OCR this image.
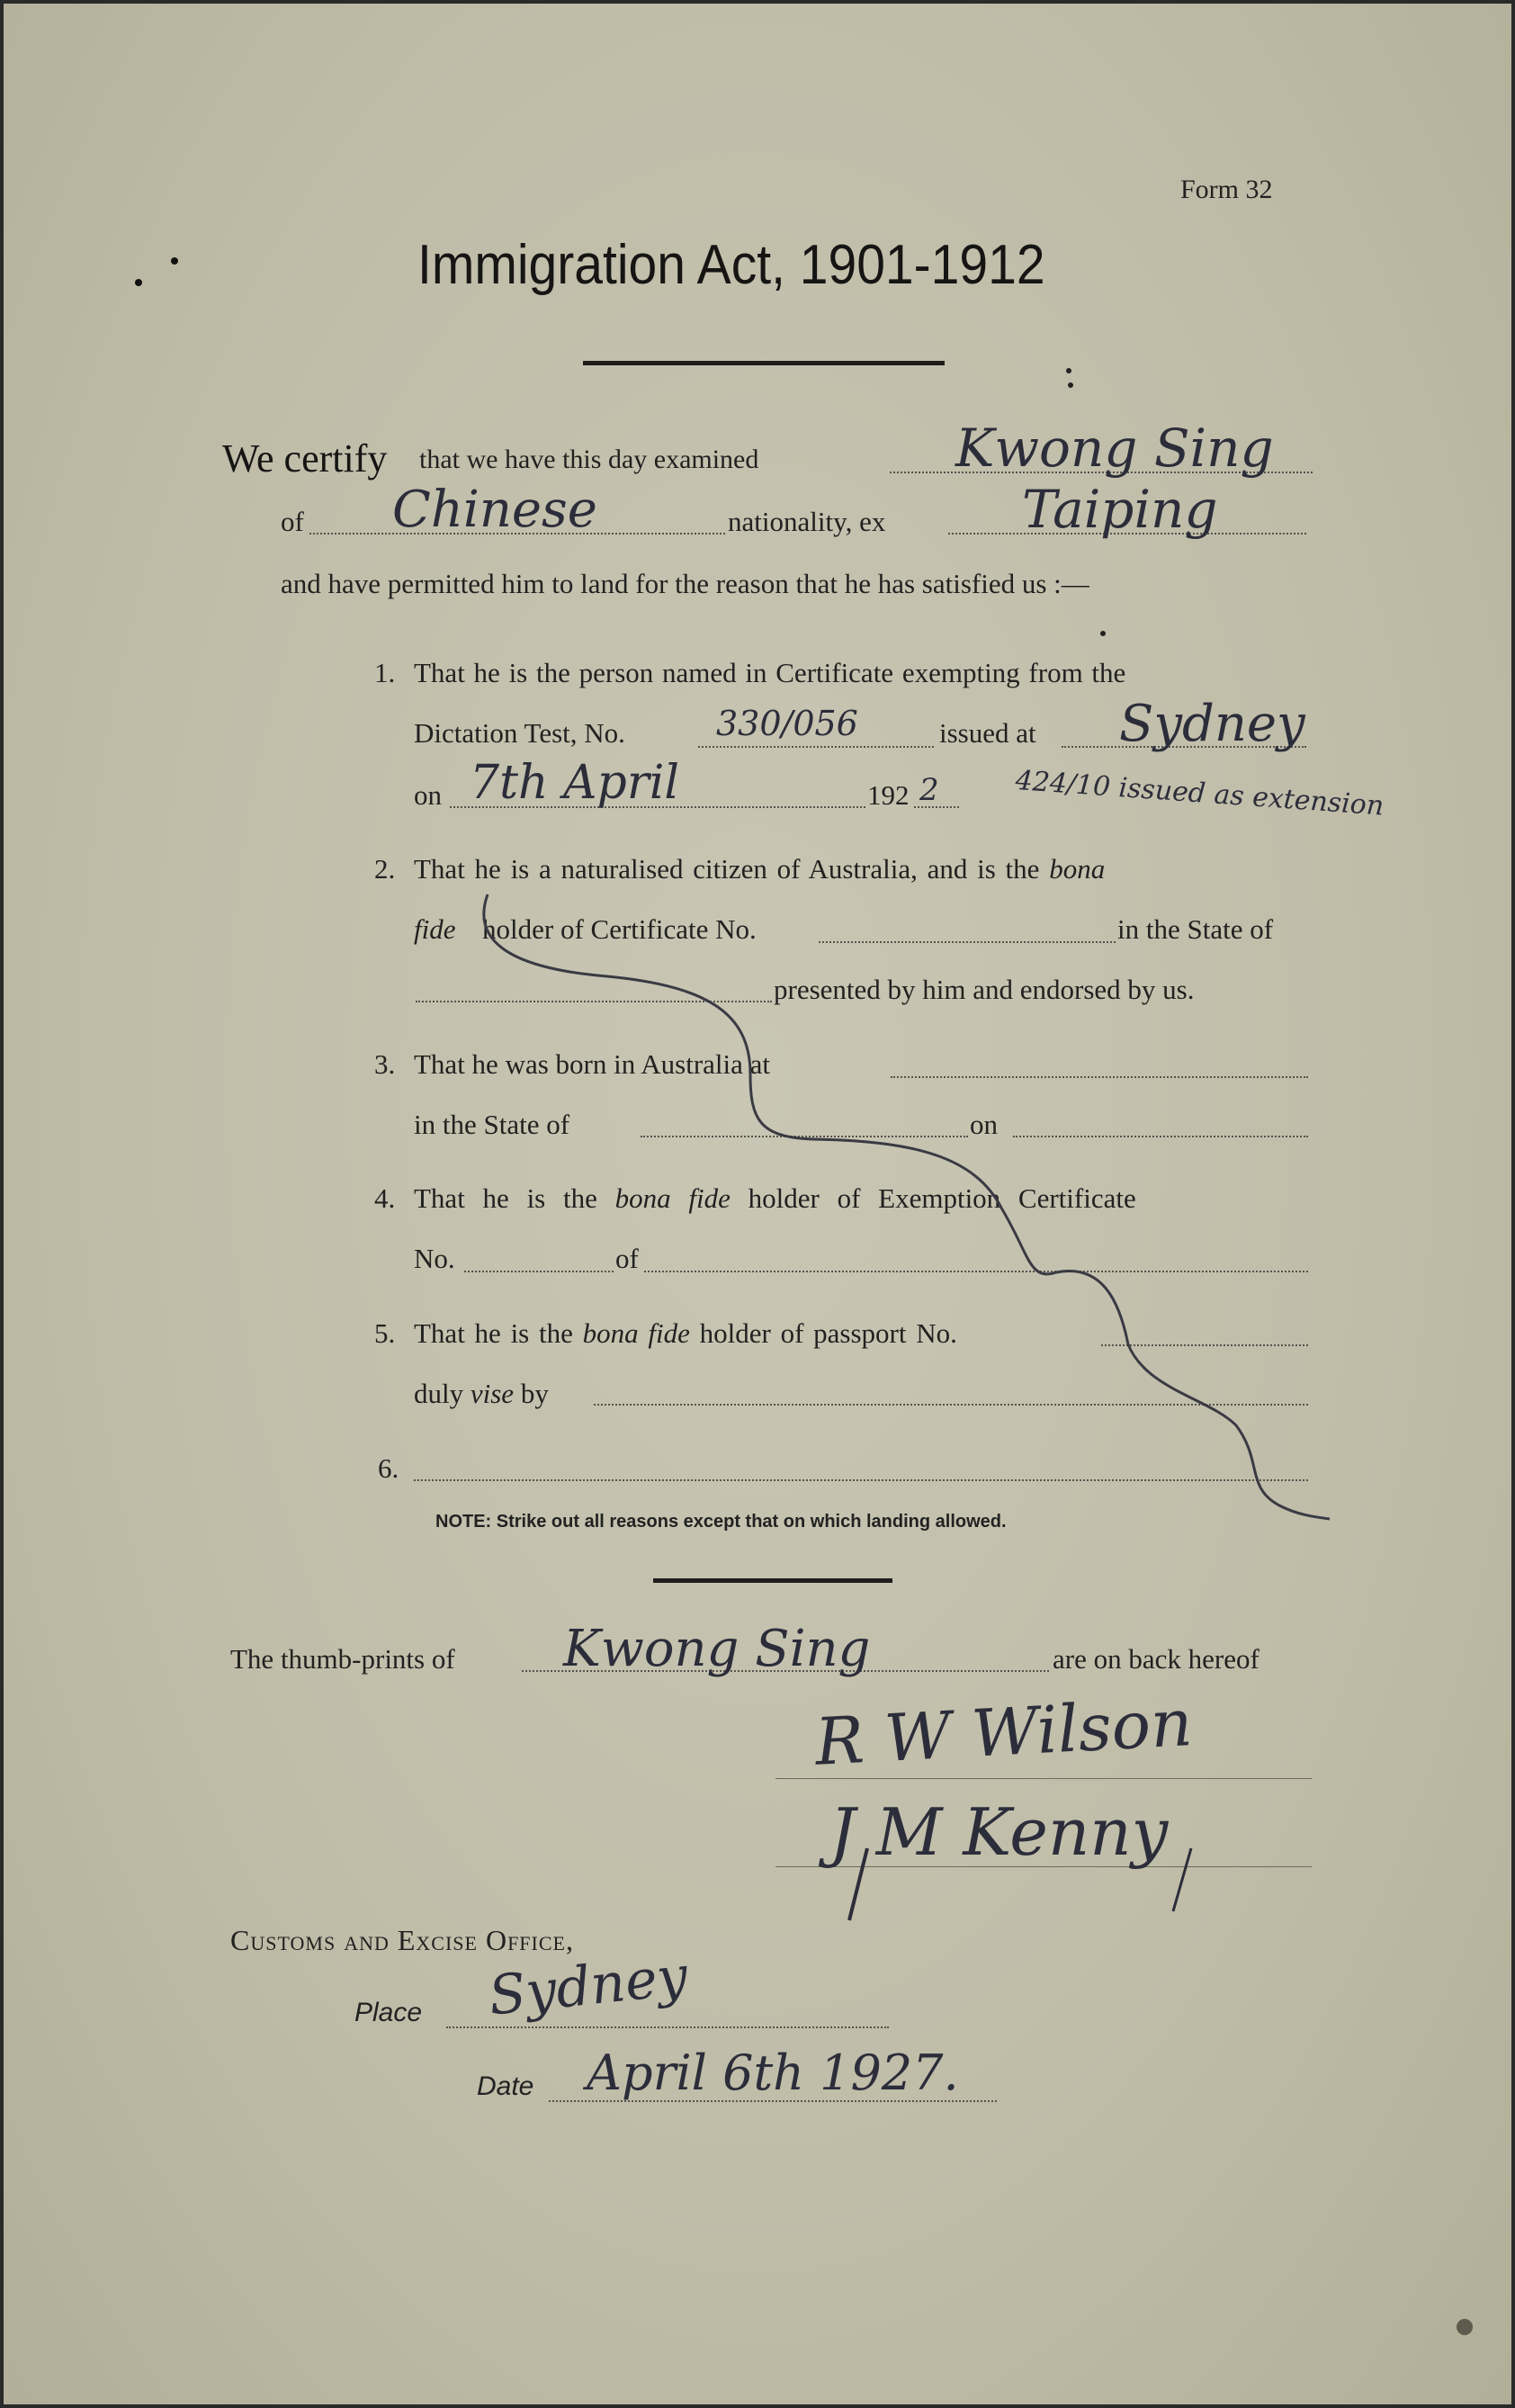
Form 32
Immigration Act, 1901-1912
We certify that we have this day examined	Kwong Sing
of Chinese	nationality, ex	Taiping
and have permitted him to land for the reason that he has satisfied us :—
1. That he is the person named in Certificate exempting from the
Dictation Test, No.	330/056	issued at Sydney
on 7th April	192 2	424/10 issued as extension
2. That he is a naturalised citizen of Australia, and is the bona
fide holder of Certificate No.	in the State of
presented by him and endorsed by us.
3. That he was born in Australia at
in the State of	on
4. That he is the bona fide holder of Exemption Certificate
No.	of
5. That he is the bona fide holder of passport No.
duly vise by
6.
NOTE: Strike out all reasons except that on which landing allowed.
The thumb-prints of Kwong Sing	are on back hereof
R W Wilson
J M Kenny
Customs and Excise Office,
Place Sydney
Date April 6th 1927.
